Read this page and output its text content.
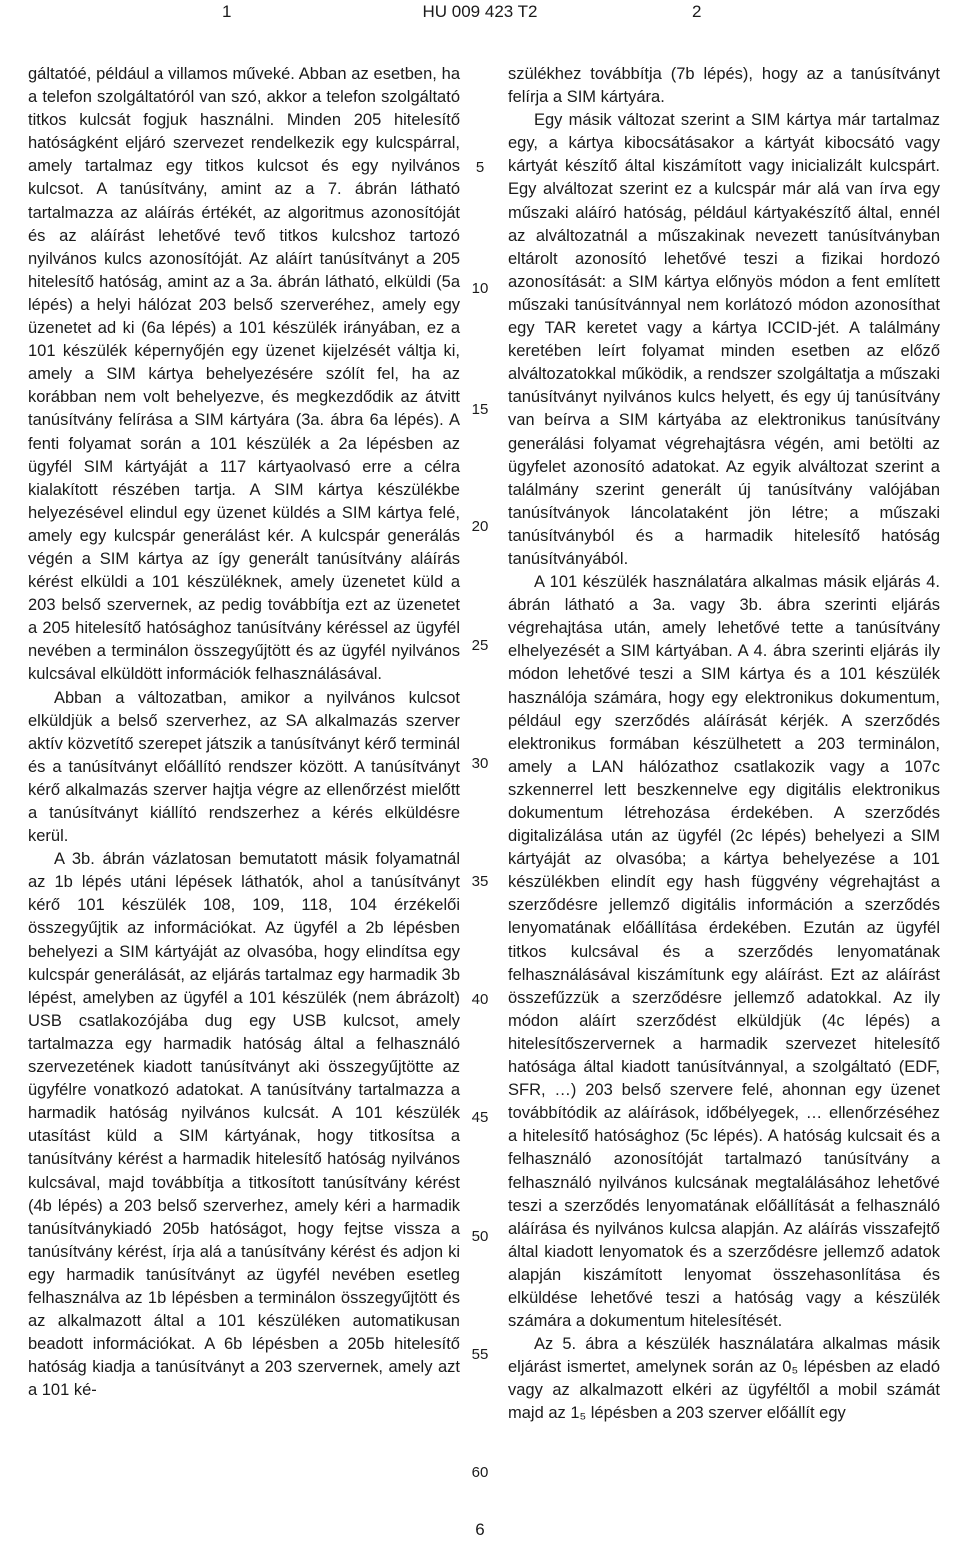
1	HU 009 423 T2	2

gáltatóé, például a villamos műveké. Abban az esetben, ha a telefon szolgáltatóról van szó, akkor a telefon szolgáltató titkos kulcsát fogjuk használni. Minden 205 hitelesítő hatóságként eljáró szervezet rendelkezik egy kulcspárral, amely tartalmaz egy titkos kulcsot és egy nyilvános kulcsot. A tanúsítvány, amint az a 7. ábrán látható tartalmazza az aláírás értékét, az algoritmus azonosítóját és az aláírást lehetővé tevő titkos kulcshoz tartozó nyilvános kulcs azonosítóját. Az aláírt tanúsítványt a 205 hitelesítő hatóság, amint az a 3a. ábrán látható, elküldi (5a lépés) a helyi hálózat 203 belső szerveréhez, amely egy üzenetet ad ki (6a lépés) a 101 készülék irányában, ez a 101 készülék képernyőjén egy üzenet kijelzését váltja ki, amely a SIM kártya behelyezésére szólít fel, ha az korábban nem volt behelyezve, és megkezdődik az átvitt tanúsítvány felírása a SIM kártyára (3a. ábra 6a lépés). A fenti folyamat során a 101 készülék a 2a lépésben az ügyfél SIM kártyáját a 117 kártyaolvasó erre a célra kialakított részében tartja. A SIM kártya készülékbe helyezésével elindul egy üzenet küldés a SIM kártya felé, amely egy kulcspár generálást kér. A kulcspár generálás végén a SIM kártya az így generált tanúsítvány aláírás kérést elküldi a 101 készüléknek, amely üzenetet küld a 203 belső szervernek, az pedig továbbítja ezt az üzenetet a 205 hitelesítő hatósághoz tanúsítvány kéréssel az ügyfél nevében a terminálon összegyűjtött és az ügyfél nyilvános kulcsával elküldött információk felhasználásával.

Abban a változatban, amikor a nyilvános kulcsot elküldjük a belső szerverhez, az SA alkalmazás szerver aktív közvetítő szerepet játszik a tanúsítványt kérő terminál és a tanúsítványt előállító rendszer között. A tanúsítványt kérő alkalmazás szerver hajtja végre az ellenőrzést mielőtt a tanúsítványt kiállító rendszerhez a kérés elküldésre kerül.

A 3b. ábrán vázlatosan bemutatott másik folyamatnál az 1b lépés utáni lépések láthatók, ahol a tanúsítványt kérő 101 készülék 108, 109, 118, 104 érzékelői összegyűjtik az információkat. Az ügyfél a 2b lépésben behelyezi a SIM kártyáját az olvasóba, hogy elindítsa egy kulcspár generálását, az eljárás tartalmaz egy harmadik 3b lépést, amelyben az ügyfél a 101 készülék (nem ábrázolt) USB csatlakozójába dug egy USB kulcsot, amely tartalmazza egy harmadik hatóság által a felhasználó szervezetének kiadott tanúsítványt aki összegyűjtötte az ügyfélre vonatkozó adatokat. A tanúsítvány tartalmazza a harmadik hatóság nyilvános kulcsát. A 101 készülék utasítást küld a SIM kártyának, hogy titkosítsa a tanúsítvány kérést a harmadik hitelesítő hatóság nyilvános kulcsával, majd továbbítja a titkosított tanúsítvány kérést (4b lépés) a 203 belső szerverhez, amely kéri a harmadik tanúsítványkiadó 205b hatóságot, hogy fejtse vissza a tanúsítvány kérést, írja alá a tanúsítvány kérést és adjon ki egy harmadik tanúsítványt az ügyfél nevében esetleg felhasználva az 1b lépésben a terminálon összegyűjtött és az alkalmazott által a 101 készüléken automatikusan beadott információkat. A 6b lépésben a 205b hitelesítő hatóság kiadja a tanúsítványt a 203 szervernek, amely azt a 101 ké-

szülékhez továbbítja (7b lépés), hogy az a tanúsítványt felírja a SIM kártyára.

Egy másik változat szerint a SIM kártya már tartalmaz egy, a kártya kibocsátásakor a kártyát kibocsátó vagy kártyát készítő által kiszámított vagy inicializált kulcspárt. Egy alváltozat szerint ez a kulcspár már alá van írva egy műszaki aláíró hatóság, például kártyakészítő által, ennél az alváltozatnál a műszakinak nevezett tanúsítványban eltárolt azonosító lehetővé teszi a fizikai hordozó azonosítását: a SIM kártya előnyös módon a fent említett műszaki tanúsítvánnyal nem korlátozó módon azonosíthat egy TAR keretet vagy a kártya ICCID-jét. A találmány keretében leírt folyamat minden esetben az előző alváltozatokkal működik, a rendszer szolgáltatja a műszaki tanúsítványt nyilvános kulcs helyett, és egy új tanúsítvány van beírva a SIM kártyába az elektronikus tanúsítvány generálási folyamat végrehajtásra végén, ami betölti az ügyfelet azonosító adatokat. Az egyik alváltozat szerint a találmány szerint generált új tanúsítvány valójában tanúsítványok láncolataként jön létre; a műszaki tanúsítványból és a harmadik hitelesítő hatóság tanúsítványából.

A 101 készülék használatára alkalmas másik eljárás 4. ábrán látható a 3a. vagy 3b. ábra szerinti eljárás végrehajtása után, amely lehetővé tette a tanúsítvány elhelyezését a SIM kártyában. A 4. ábra szerinti eljárás ily módon lehetővé teszi a SIM kártya és a 101 készülék használója számára, hogy egy elektronikus dokumentum, például egy szerződés aláírását kérjék. A szerződés elektronikus formában készülhetett a 203 terminálon, amely a LAN hálózathoz csatlakozik vagy a 107c szkennerrel lett beszkennelve egy digitális elektronikus dokumentum létrehozása érdekében. A szerződés digitalizálása után az ügyfél (2c lépés) behelyezi a SIM kártyáját az olvasóba; a kártya behelyezése a 101 készülékben elindít egy hash függvény végrehajtást a szerződésre jellemző digitális információn a szerződés lenyomatának előállítása érdekében. Ezután az ügyfél titkos kulcsával és a szerződés lenyomatának felhasználásával kiszámítunk egy aláírást. Ezt az aláírást összefűzzük a szerződésre jellemző adatokkal. Az ily módon aláírt szerződést elküldjük (4c lépés) a hitelesítőszervernek a harmadik szervezet hitelesítő hatósága által kiadott tanúsítvánnyal, a szolgáltató (EDF, SFR, …) 203 belső szervere felé, ahonnan egy üzenet továbbítódik az aláírások, időbélyegek, … ellenőrzéséhez a hitelesítő hatósághoz (5c lépés). A hatóság kulcsait és a felhasználó azonosítóját tartalmazó tanúsítvány a felhasználó nyilvános kulcsának megtalálásához lehetővé teszi a szerződés lenyomatának előállítását a felhasználó aláírása és nyilvános kulcsa alapján. Az aláírás visszafejtő által kiadott lenyomatok és a szerződésre jellemző adatok alapján kiszámított lenyomat összehasonlítása és elküldése lehetővé teszi a hatóság vagy a készülék számára a dokumentum hitelesítését.

Az 5. ábra a készülék használatára alkalmas másik eljárást ismertet, amelynek során az 0₅ lépésben az eladó vagy az alkalmazott elkéri az ügyféltől a mobil számát majd az 1₅ lépésben a 203 szerver előállít egy

5
10
15
20
25
30
35
40
45
50
55
60
6
